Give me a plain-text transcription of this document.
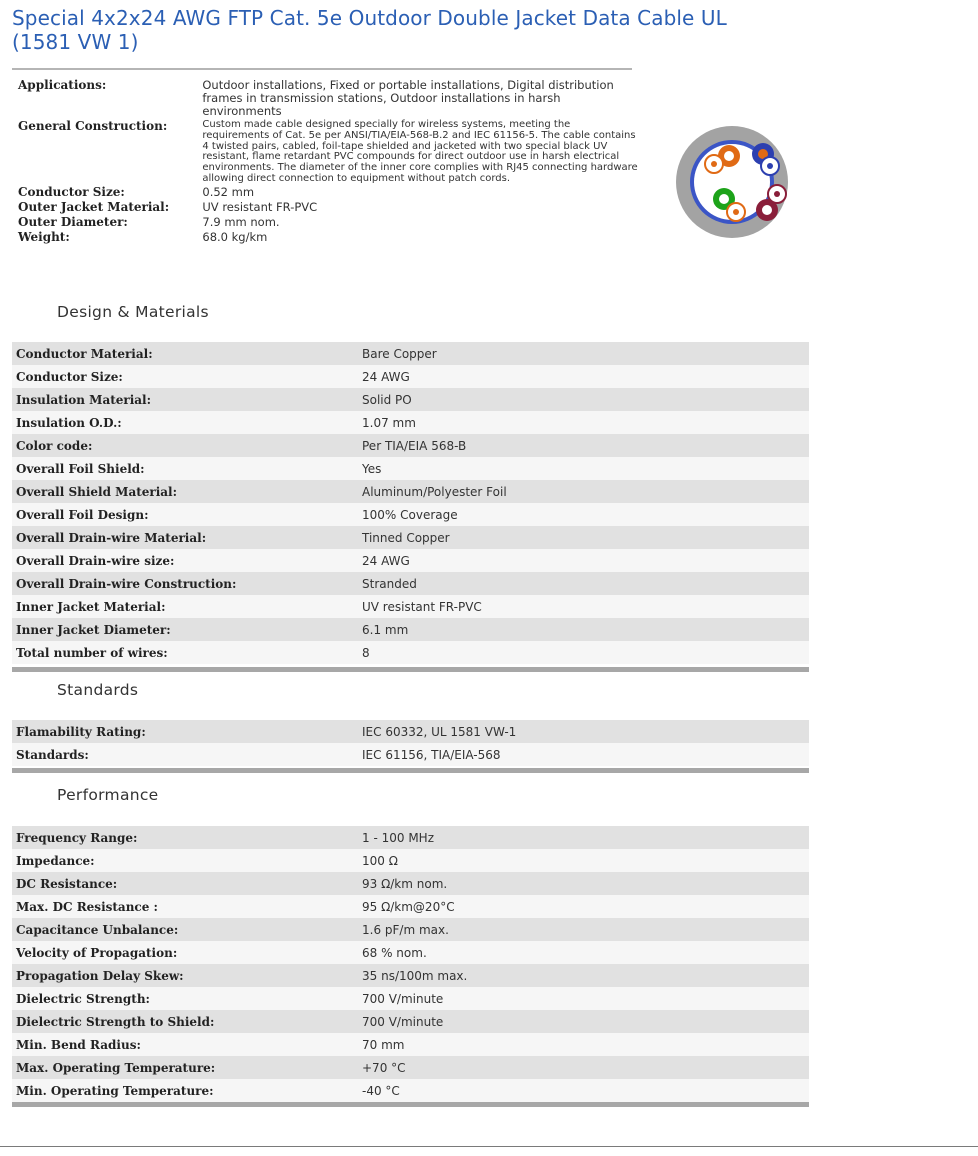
Special 4x2x24 AWG FTP Cat. 5e Outdoor Double Jacket Data Cable UL (1581 VW 1)
Applications:	Outdoor installations, Fixed or portable installations, Digital distribution frames in transmission stations, Outdoor installations in harsh environments
General Construction:	Custom made cable designed specially for wireless systems, meeting the requirements of Cat. 5e per ANSI/TIA/EIA-568-B.2 and IEC 61156-5. The cable contains 4 twisted pairs, cabled, foil-tape shielded and jacketed with two special black UV resistant, flame retardant PVC compounds for direct outdoor use in harsh electrical environments. The diameter of the inner core complies with RJ45 connecting hardware allowing direct connection to equipment without patch cords.
Conductor Size:	0.52 mm
Outer Jacket Material:	UV resistant FR-PVC
Outer Diameter:	7.9 mm nom.
Weight:	68.0 kg/km
Design & Materials
Conductor Material:	Bare Copper
Conductor Size:	24 AWG
Insulation Material:	Solid PO
Insulation O.D.:	1.07 mm
Color code:	Per TIA/EIA 568-B
Overall Foil Shield:	Yes
Overall Shield Material:	Aluminum/Polyester Foil
Overall Foil Design:	100% Coverage
Overall Drain-wire Material:	Tinned Copper
Overall Drain-wire size:	24 AWG
Overall Drain-wire Construction:	Stranded
Inner Jacket Material:	UV resistant FR-PVC
Inner Jacket Diameter:	6.1 mm
Total number of wires:	8
Standards
Flamability Rating:	IEC 60332, UL 1581 VW-1
Standards:	IEC 61156, TIA/EIA-568
Performance
Frequency Range:	1 - 100 MHz
Impedance:	100 Ω
DC Resistance:	93 Ω/km nom.
Max. DC Resistance :	95 Ω/km@20°C
Capacitance Unbalance:	1.6 pF/m max.
Velocity of Propagation:	68 % nom.
Propagation Delay Skew:	35 ns/100m max.
Dielectric Strength:	700 V/minute
Dielectric Strength to Shield:	700 V/minute
Min. Bend Radius:	70 mm
Max. Operating Temperature:	+70 °C
Min. Operating Temperature:	-40 °C
